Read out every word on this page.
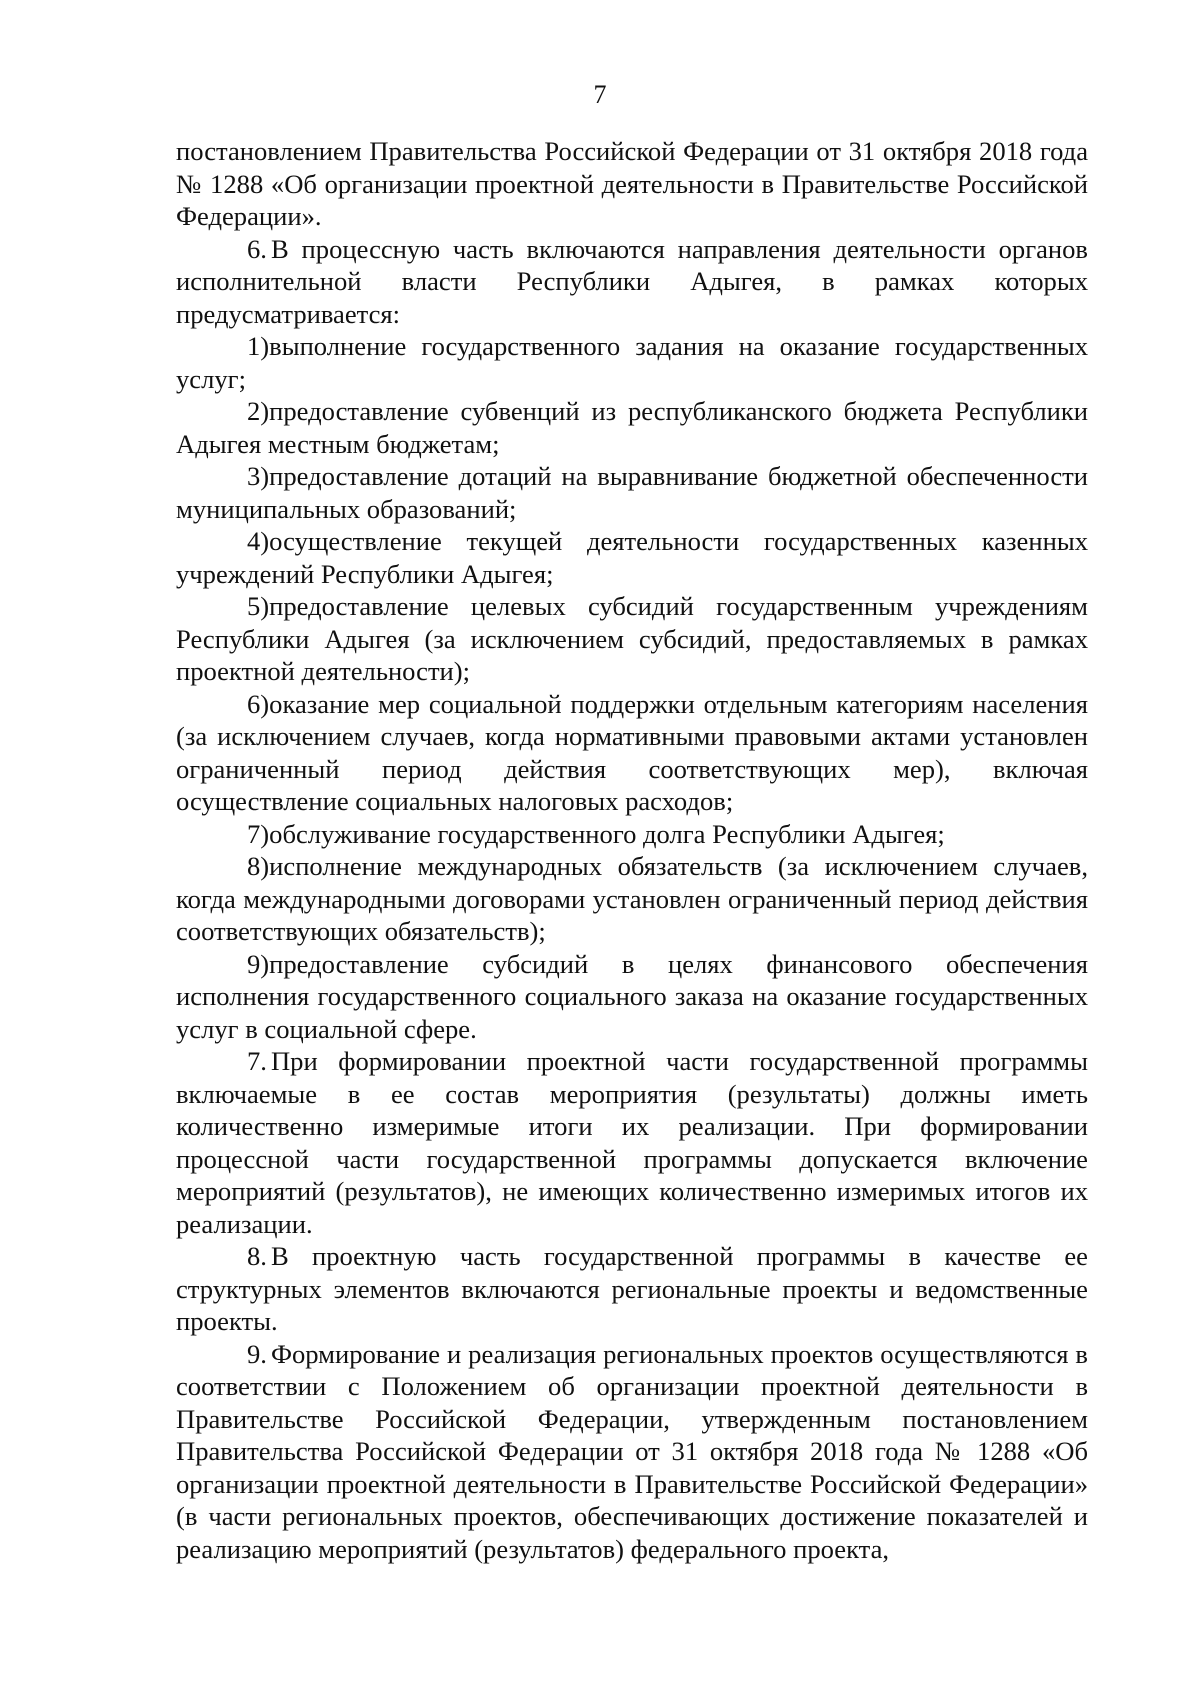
7

постановлением Правительства Российской Федерации от 31 октября 2018 года № 1288 «Об организации проектной деятельности в Правительстве Российской Федерации».

6. В процессную часть включаются направления деятельности органов исполнительной власти Республики Адыгея, в рамках которых предусматривается:

1)выполнение государственного задания на оказание государственных услуг;

2)предоставление субвенций из республиканского бюджета Республики Адыгея местным бюджетам;

3)предоставление дотаций на выравнивание бюджетной обеспеченности муниципальных образований;

4)осуществление текущей деятельности государственных казенных учреждений Республики Адыгея;

5)предоставление целевых субсидий государственным учреждениям Республики Адыгея (за исключением субсидий, предоставляемых в рамках проектной деятельности);

6)оказание мер социальной поддержки отдельным категориям населения (за исключением случаев, когда нормативными правовыми актами установлен ограниченный период действия соответствующих мер), включая осуществление социальных налоговых расходов;

7)обслуживание государственного долга Республики Адыгея;

8)исполнение международных обязательств (за исключением случаев, когда международными договорами установлен ограниченный период действия соответствующих обязательств);

9)предоставление субсидий в целях финансового обеспечения исполнения государственного социального заказа на оказание государственных услуг в социальной сфере.

7. При формировании проектной части государственной программы включаемые в ее состав мероприятия (результаты) должны иметь количественно измеримые итоги их реализации. При формировании процессной части государственной программы допускается включение мероприятий (результатов), не имеющих количественно измеримых итогов их реализации.

8. В проектную часть государственной программы в качестве ее структурных элементов включаются региональные проекты и ведомственные проекты.

9. Формирование и реализация региональных проектов осуществляются в соответствии с Положением об организации проектной деятельности в Правительстве Российской Федерации, утвержденным постановлением Правительства Российской Федерации от 31 октября 2018 года № 1288 «Об организации проектной деятельности в Правительстве Российской Федерации» (в части региональных проектов, обеспечивающих достижение показателей и реализацию мероприятий (результатов) федерального проекта,
